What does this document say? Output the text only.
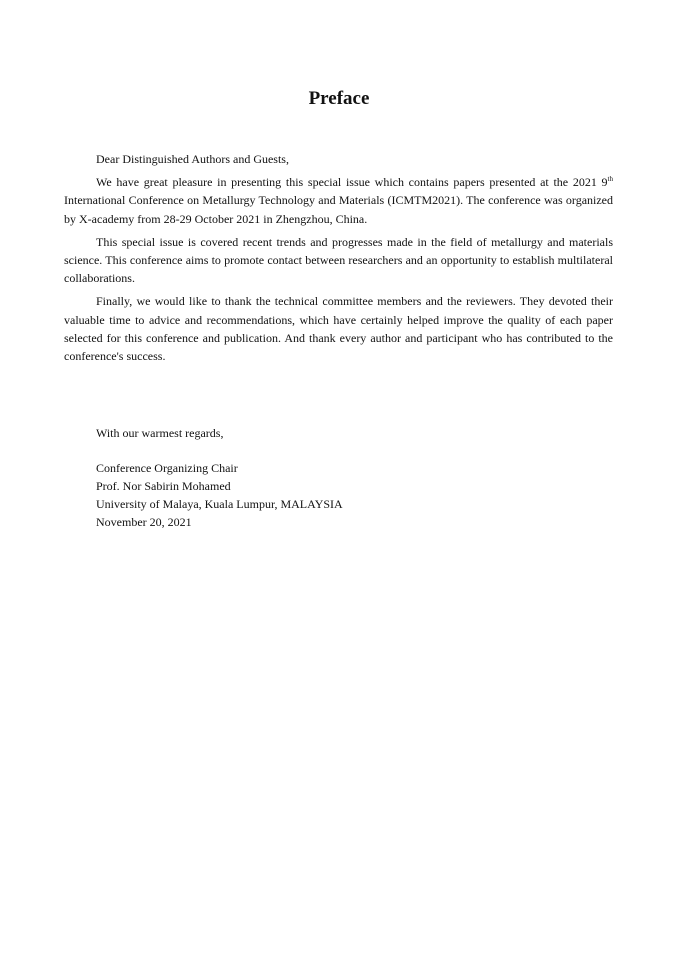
Preface

Dear Distinguished Authors and Guests,

We have great pleasure in presenting this special issue which contains papers presented at the 2021 9th International Conference on Metallurgy Technology and Materials (ICMTM2021). The conference was organized by X-academy from 28-29 October 2021 in Zhengzhou, China.

This special issue is covered recent trends and progresses made in the field of metallurgy and materials science. This conference aims to promote contact between researchers and an opportunity to establish multilateral collaborations.

Finally, we would like to thank the technical committee members and the reviewers. They devoted their valuable time to advice and recommendations, which have certainly helped improve the quality of each paper selected for this conference and publication. And thank every author and participant who has contributed to the conference's success.

With our warmest regards,
Conference Organizing Chair
Prof. Nor Sabirin Mohamed
University of Malaya, Kuala Lumpur, MALAYSIA
November 20, 2021
